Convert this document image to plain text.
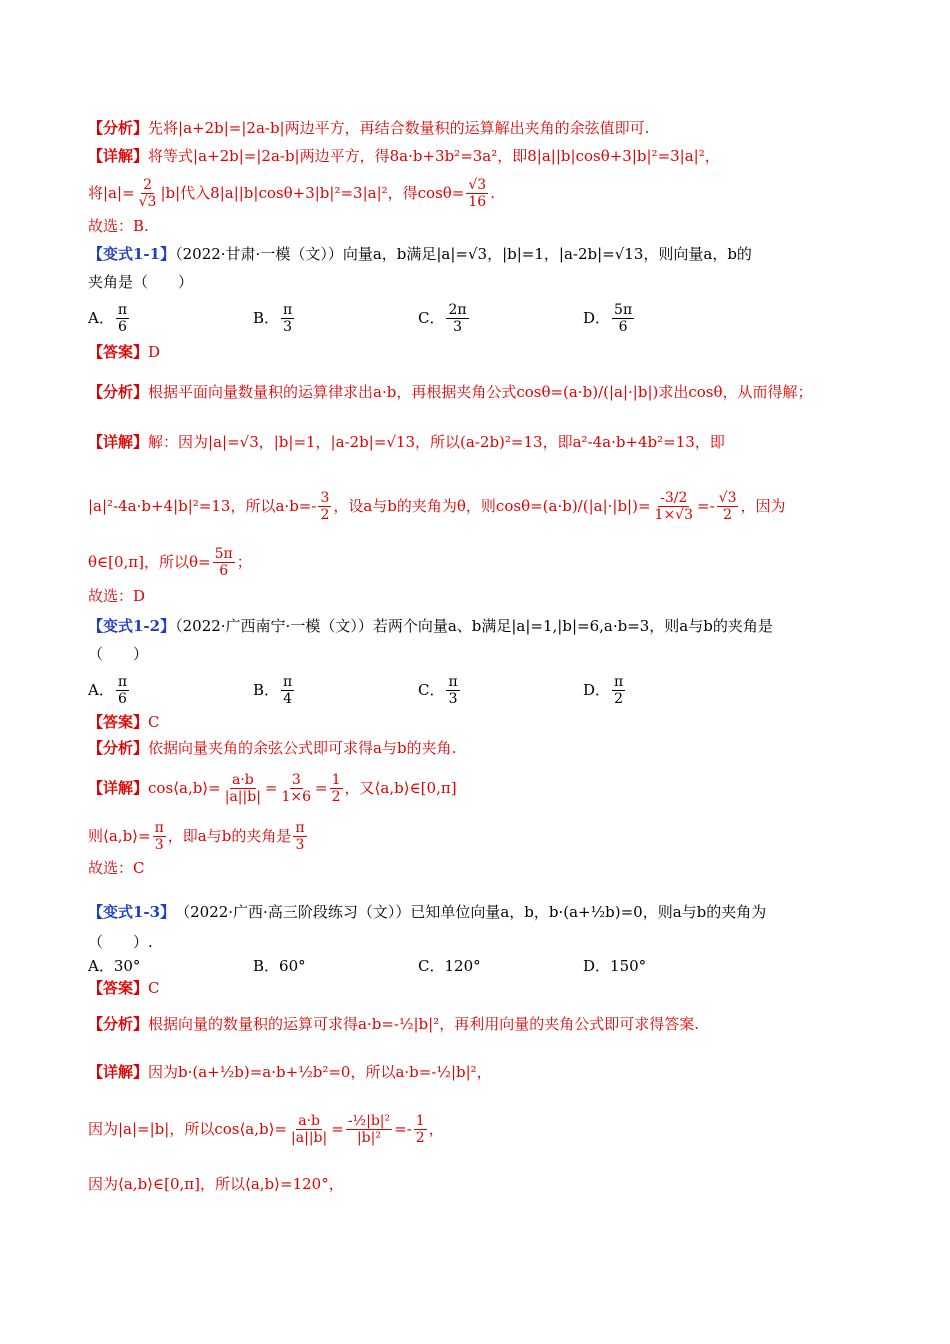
【分析】先将|a+2b|=|2a-b|两边平方，再结合数量积的运算解出夹角的余弦值即可.
【详解】将等式|a+2b|=|2a-b|两边平方，得8a·b+3b²=3a²，即8|a||b|cosθ+3|b|²=3|a|²，
将$|a|= \frac{2}{√3} |b|$代入8|a||b|cosθ+3|b|²=3|a|²，得$\cos\theta= \frac{√3}{16}$ .
故选：B.
【变式1-1】（2022·甘肃·一模（文））向量a，b满足|a|=√3，|b|=1，|a-2b|=√13，则向量a，b的
夹角是（　　）
A． $\frac{\pi}{6}$	B． $\frac{\pi}{3}$	C． $\frac{2\pi}{3}$	D． $\frac{5\pi}{6}$
【答案】D
【分析】根据平面向量数量积的运算律求出a·b，再根据夹角公式cosθ=(a·b)/(|a|·|b|)求出cosθ，从而得解；
【详解】解：因为|a|=√3，|b|=1，|a-2b|=√13，所以(a-2b)²=13，即a²-4a·b+4b²=13，即
|a|²-4a·b+4|b|²=13，所以$a\cdot b=- \frac{3}{2}$ ，设a与b的夹角为θ，则$\cos\theta=(a\cdot b)/(|a|\cdot|b|)= \frac{-3/2}{1\times√3} =- \frac{√3}{2}$ ，因为
θ∈[0,π]，所以$\theta= \frac{5\pi}{6}$ ；
故选：D
【变式1-2】（2022·广西南宁·一模（文））若两个向量a、b满足|a|=1,|b|=6,a·b=3，则a与b的夹角是
（　　）
A． $\frac{\pi}{6}$	B． $\frac{\pi}{4}$	C． $\frac{\pi}{3}$	D． $\frac{\pi}{2}$
【答案】C
【分析】依据向量夹角的余弦公式即可求得a与b的夹角.
【详解】 cos⟨a,b⟩= $\frac{a\cdot b}{|a||b|} = \frac{3}{1\times 6} = \frac{1}{2}$ ，又⟨a,b⟩∈[0,π]
则⟨a,b⟩= $\frac{\pi}{3}$ ，即a与b的夹角是 $\frac{\pi}{3}$
故选：C
【变式1-3】 （2022·广西·高三阶段练习（文））已知单位向量a，b，b·(a+½b)=0，则a与b的夹角为
（　　）.
A． 30°	B． 60°	C． 120°	D． 150°
【答案】C
【分析】根据向量的数量积的运算可求得a·b=-½|b|²，再利用向量的夹角公式即可求得答案.
【详解】因为b·(a+½b)=a·b+½b²=0，所以a·b=-½|b|²，
因为|a|=|b|，所以cos⟨a,b⟩= $\frac{a\cdot b}{|a||b|} = \frac{\text{-½|b|²}}{\text{|b|²}} =- \frac{1}{2}$ ，
因为⟨a,b⟩∈[0,π]，所以⟨a,b⟩=120°，
